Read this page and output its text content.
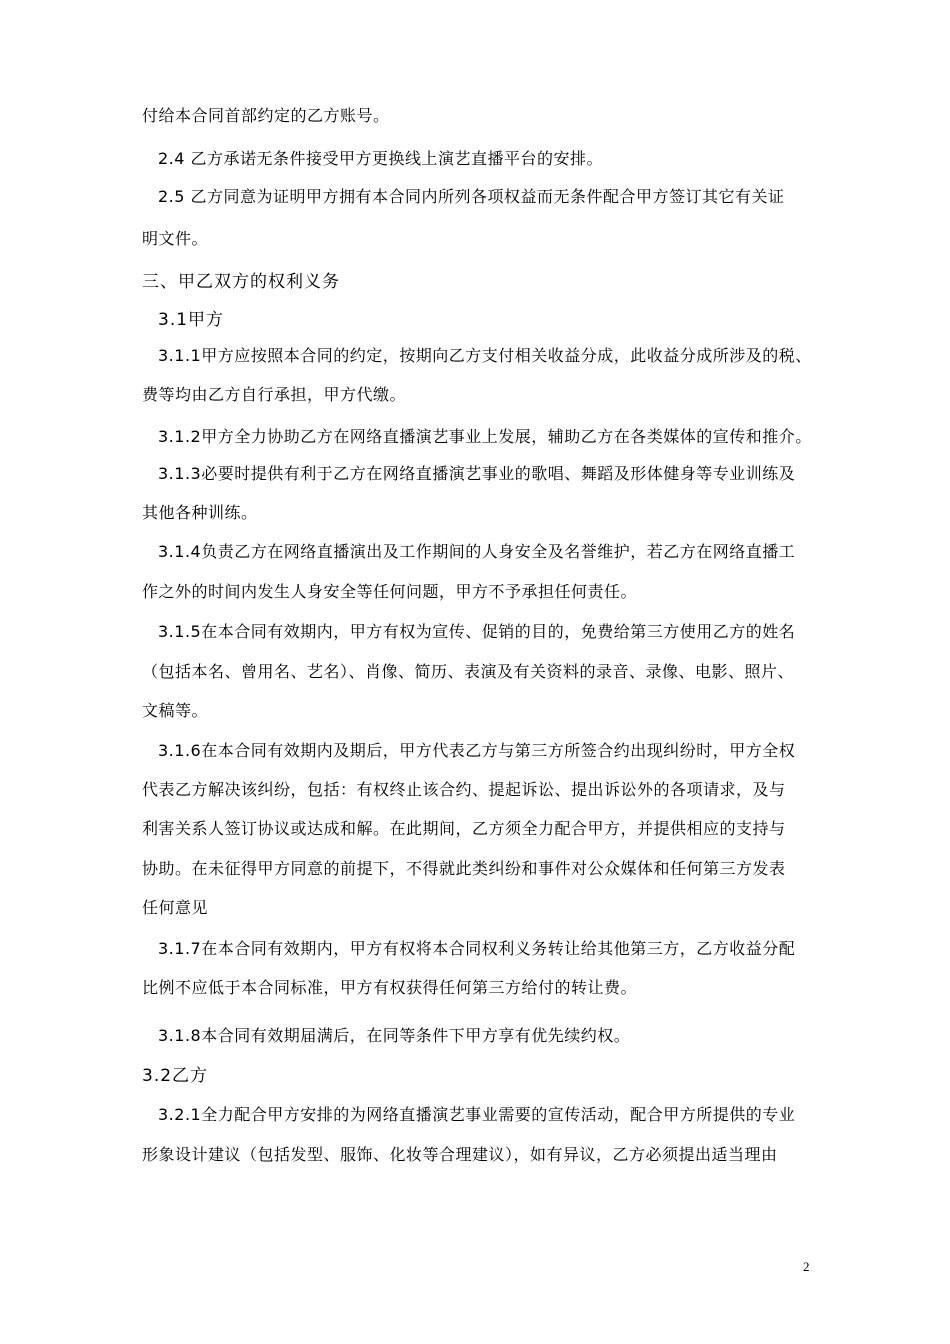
付给本合同首部约定的乙方账号。
2.4 乙方承诺无条件接受甲方更换线上演艺直播平台的安排。
2.5 乙方同意为证明甲方拥有本合同内所列各项权益而无条件配合甲方签订其它有关证
明文件。
三、甲乙双方的权利义务
3.1甲方
3.1.1甲方应按照本合同的约定，按期向乙方支付相关收益分成，此收益分成所涉及的税、
费等均由乙方自行承担，甲方代缴。
3.1.2甲方全力协助乙方在网络直播演艺事业上发展，辅助乙方在各类媒体的宣传和推介。
3.1.3必要时提供有利于乙方在网络直播演艺事业的歌唱、舞蹈及形体健身等专业训练及
其他各种训练。
3.1.4负责乙方在网络直播演出及工作期间的人身安全及名誉维护，若乙方在网络直播工
作之外的时间内发生人身安全等任何问题，甲方不予承担任何责任。
3.1.5在本合同有效期内，甲方有权为宣传、促销的目的，免费给第三方使用乙方的姓名
（包括本名、曾用名、艺名）、肖像、简历、表演及有关资料的录音、录像、电影、照片、
文稿等。
3.1.6在本合同有效期内及期后，甲方代表乙方与第三方所签合约出现纠纷时，甲方全权
代表乙方解决该纠纷，包括：有权终止该合约、提起诉讼、提出诉讼外的各项请求，及与
利害关系人签订协议或达成和解。在此期间，乙方须全力配合甲方，并提供相应的支持与
协助。在未征得甲方同意的前提下，不得就此类纠纷和事件对公众媒体和任何第三方发表
任何意见
3.1.7在本合同有效期内，甲方有权将本合同权利义务转让给其他第三方，乙方收益分配
比例不应低于本合同标准，甲方有权获得任何第三方给付的转让费。
3.1.8本合同有效期届满后，在同等条件下甲方享有优先续约权。
3.2乙方
3.2.1全力配合甲方安排的为网络直播演艺事业需要的宣传活动，配合甲方所提供的专业
形象设计建议（包括发型、服饰、化妆等合理建议），如有异议，乙方必须提出适当理由
2
